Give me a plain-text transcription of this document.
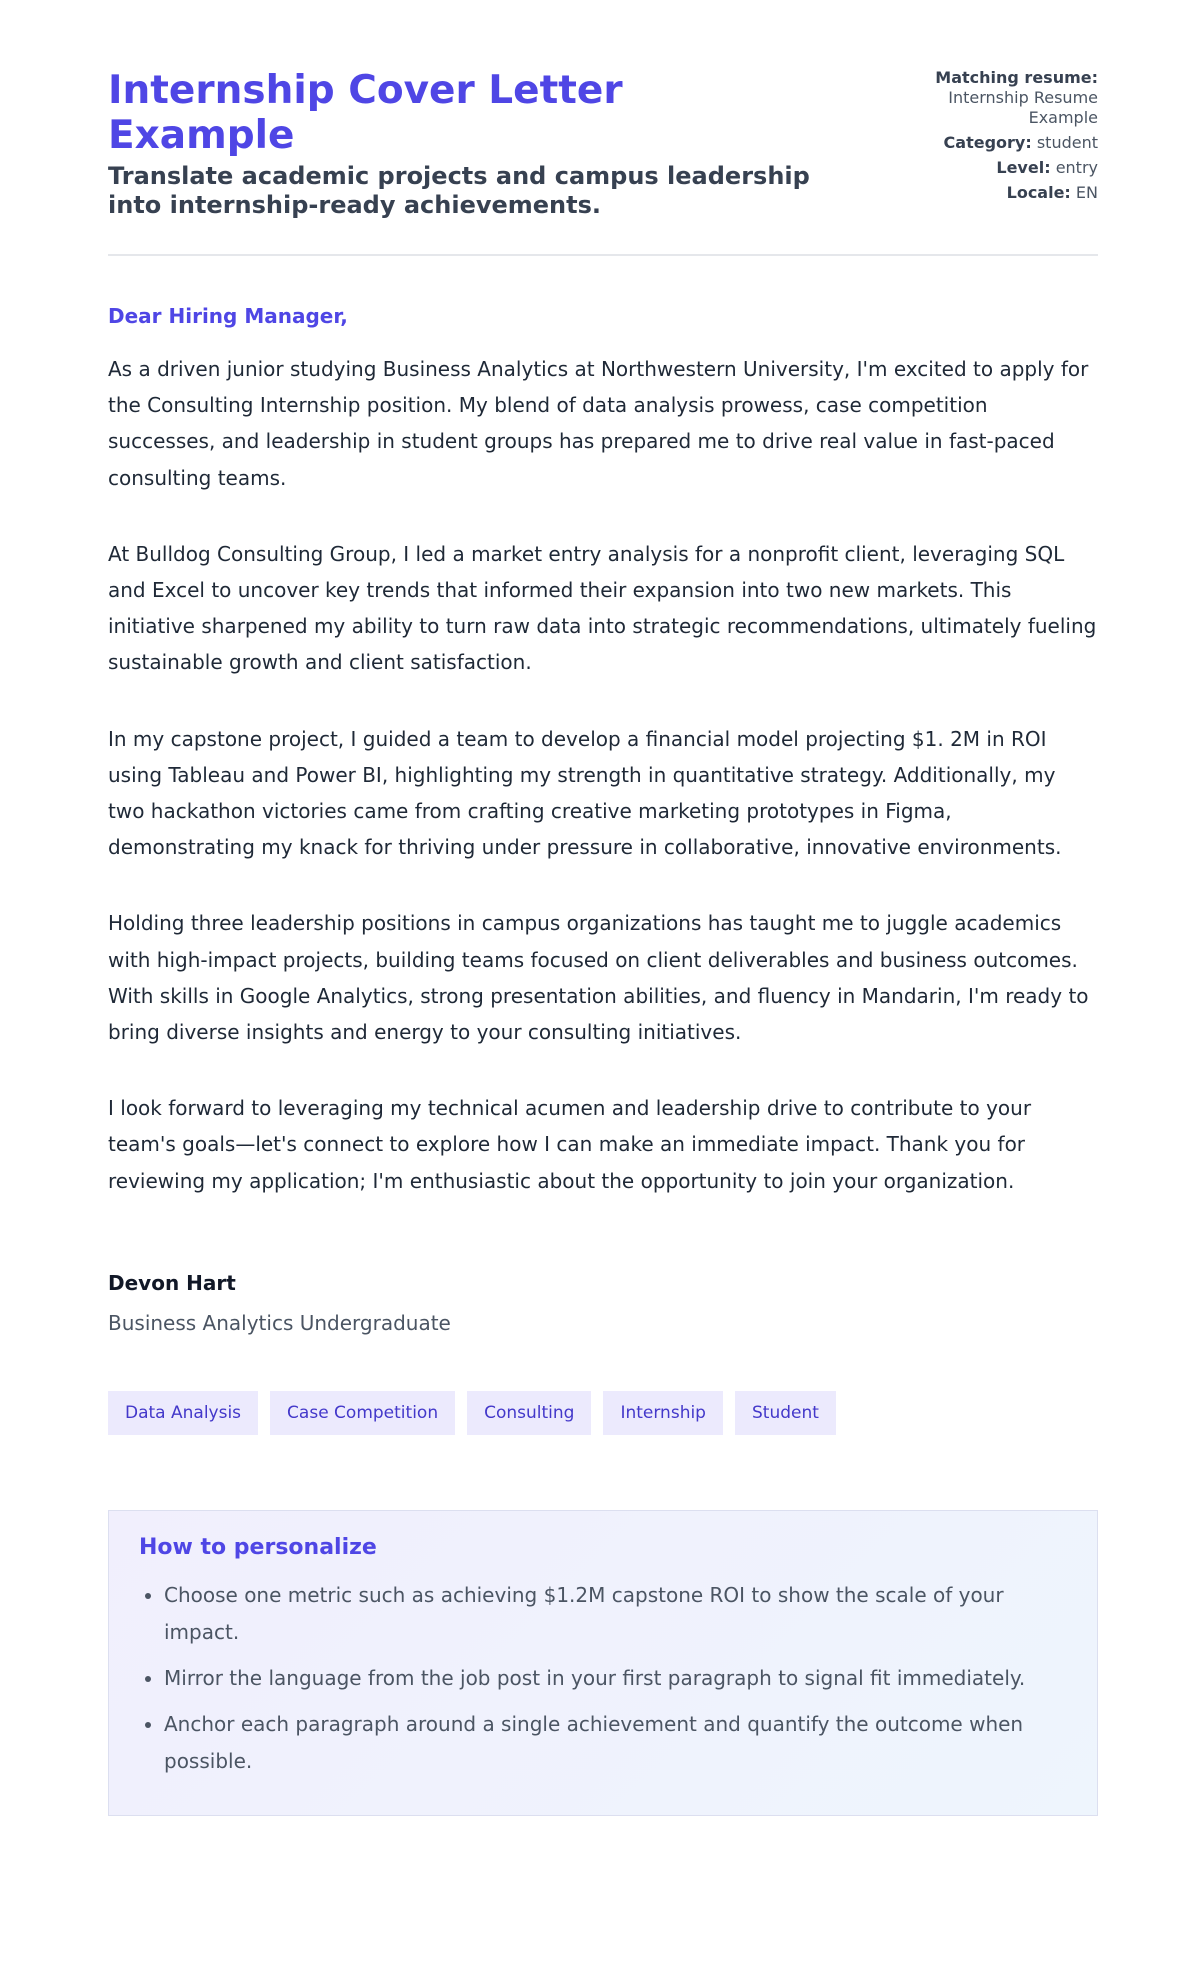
Internship Cover Letter Example

Translate academic projects and campus leadership into internship-ready achievements.

Matching resume:
Internship Resume Example
Category: student
Level: entry
Locale: EN
Dear Hiring Manager,

As a driven junior studying Business Analytics at Northwestern University, I'm excited to apply for the Consulting Internship position. My blend of data analysis prowess, case competition successes, and leadership in student groups has prepared me to drive real value in fast-paced consulting teams.

At Bulldog Consulting Group, I led a market entry analysis for a nonprofit client, leveraging SQL and Excel to uncover key trends that informed their expansion into two new markets. This initiative sharpened my ability to turn raw data into strategic recommendations, ultimately fueling sustainable growth and client satisfaction.

In my capstone project, I guided a team to develop a financial model projecting $1. 2M in ROI using Tableau and Power BI, highlighting my strength in quantitative strategy. Additionally, my two hackathon victories came from crafting creative marketing prototypes in Figma, demonstrating my knack for thriving under pressure in collaborative, innovative environments.

Holding three leadership positions in campus organizations has taught me to juggle academics with high-impact projects, building teams focused on client deliverables and business outcomes. With skills in Google Analytics, strong presentation abilities, and fluency in Mandarin, I'm ready to bring diverse insights and energy to your consulting initiatives.

I look forward to leveraging my technical acumen and leadership drive to contribute to your team's goals—let's connect to explore how I can make an immediate impact. Thank you for reviewing my application; I'm enthusiastic about the opportunity to join your organization.

Devon Hart
Business Analytics Undergraduate
Data Analysis	Case Competition	Consulting	Internship	Student
How to personalize
• Choose one metric such as achieving $1.2M capstone ROI to show the scale of your impact.
• Mirror the language from the job post in your first paragraph to signal fit immediately.
• Anchor each paragraph around a single achievement and quantify the outcome when possible.
